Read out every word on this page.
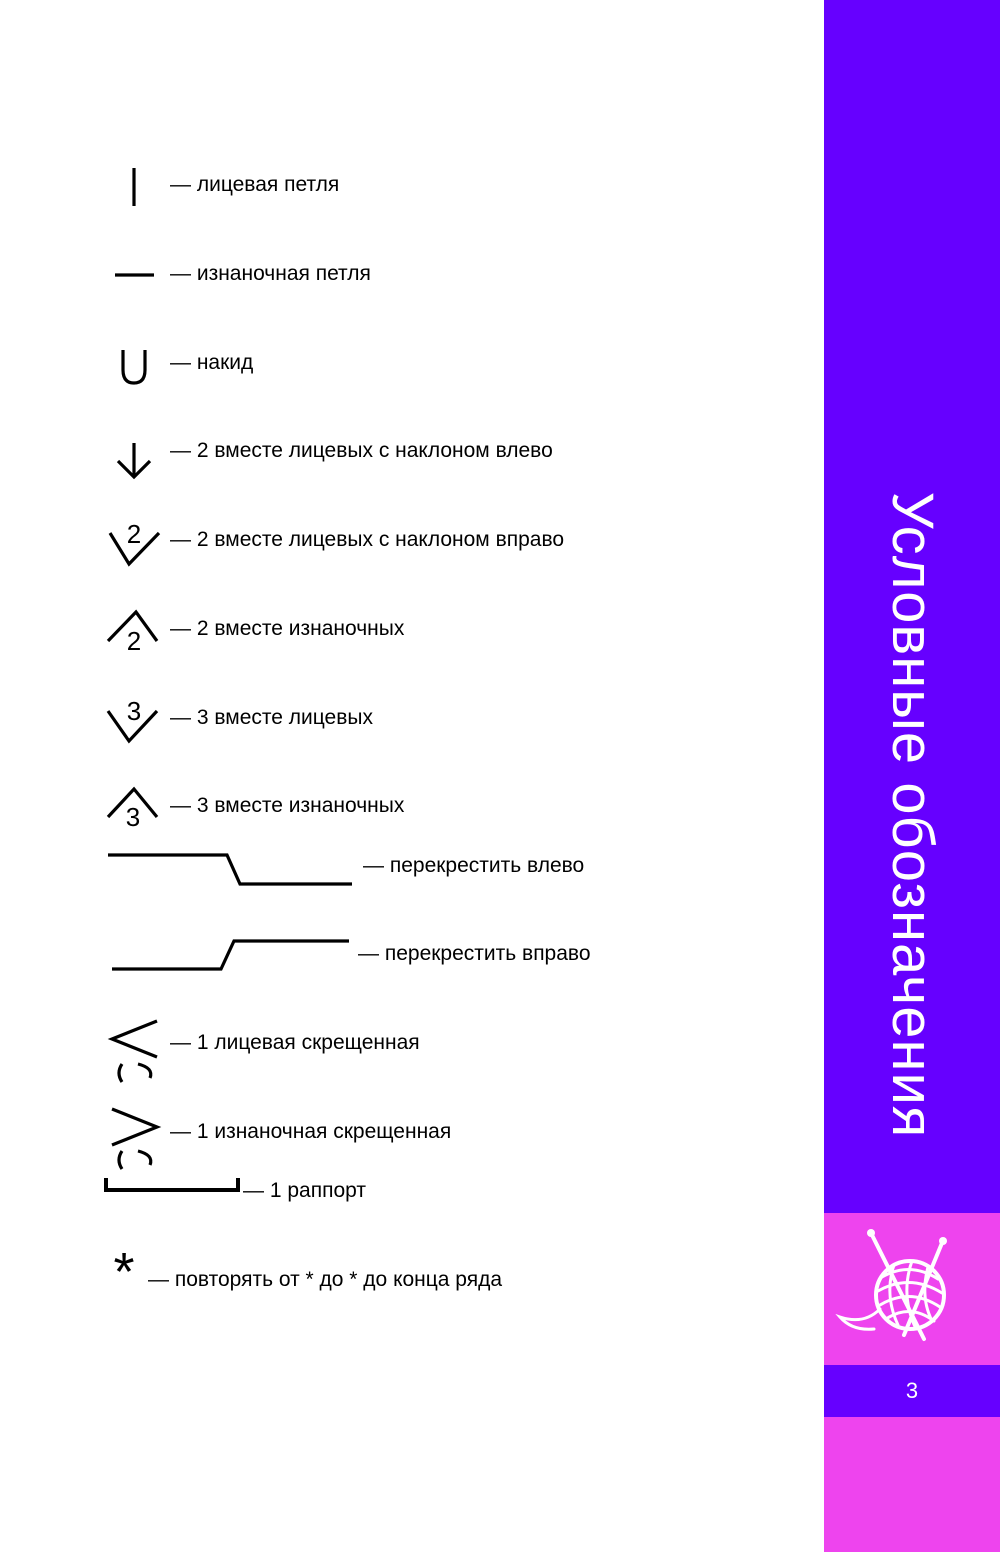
2
2
3
3
*
— лицевая петля
— изнаночная петля
— накид
— 2 вместе лицевых с наклоном влево
— 2 вместе лицевых с наклоном вправо
— 2 вместе изнаночных
— 3 вместе лицевых
— 3 вместе изнаночных
— перекрестить влево
— перекрестить вправо
— 1 лицевая скрещенная
— 1 изнаночная скрещенная
— 1 раппорт
— повторять от * до * до конца ряда
Условные обозначения
3
